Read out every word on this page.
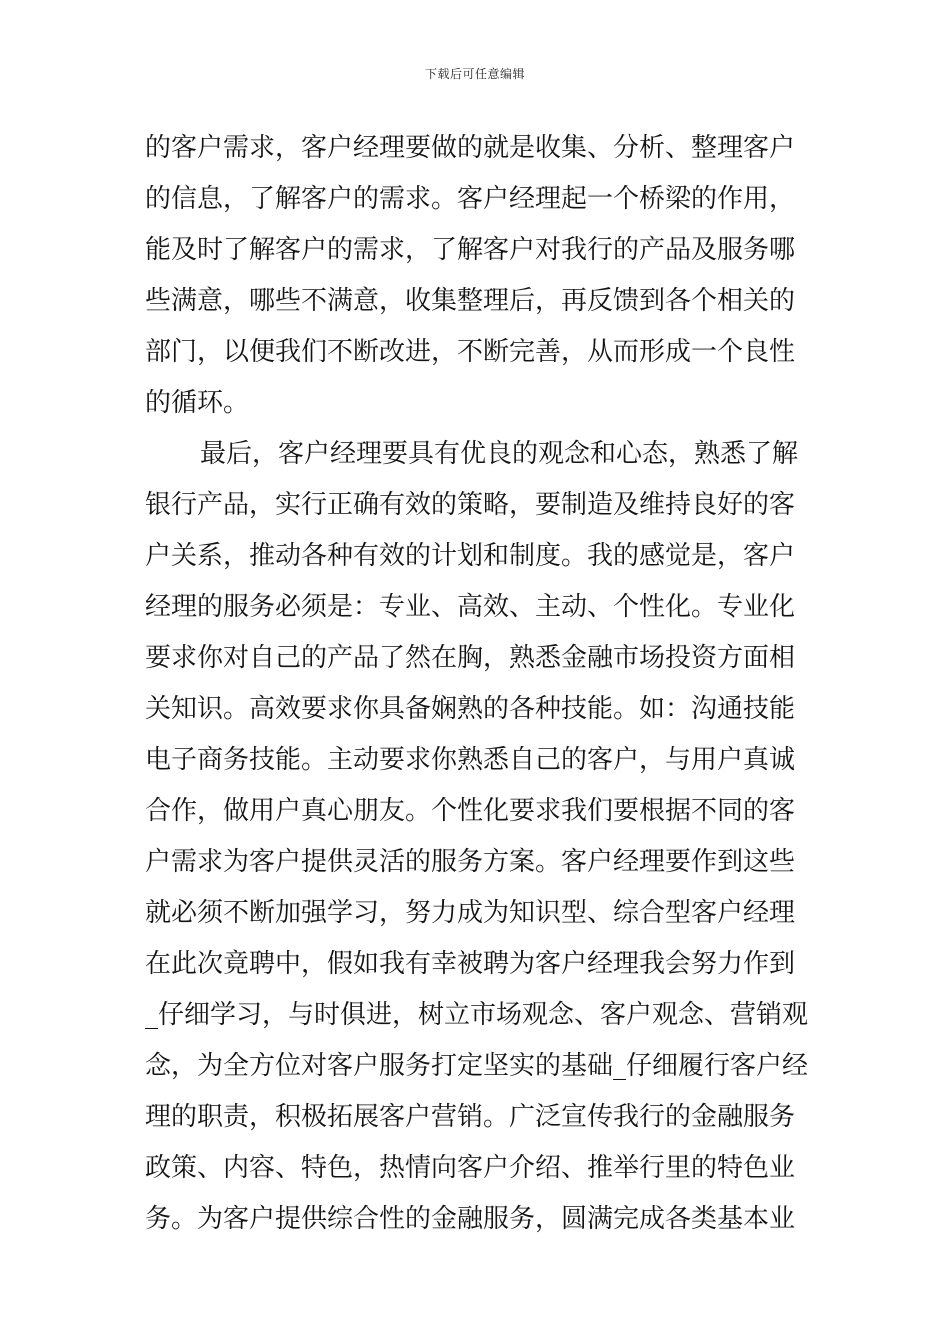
下载后可任意编辑
的客户需求，客户经理要做的就是收集、分析、整理客户
的信息，了解客户的需求。客户经理起一个桥梁的作用，
能及时了解客户的需求，了解客户对我行的产品及服务哪
些满意，哪些不满意，收集整理后，再反馈到各个相关的
部门，以便我们不断改进，不断完善，从而形成一个良性
的循环。
最后，客户经理要具有优良的观念和心态，熟悉了解
银行产品，实行正确有效的策略，要制造及维持良好的客
户关系，推动各种有效的计划和制度。我的感觉是，客户
经理的服务必须是：专业、高效、主动、个性化。专业化
要求你对自己的产品了然在胸，熟悉金融市场投资方面相
关知识。高效要求你具备娴熟的各种技能。如：沟通技能
电子商务技能。主动要求你熟悉自己的客户，与用户真诚
合作，做用户真心朋友。个性化要求我们要根据不同的客
户需求为客户提供灵活的服务方案。客户经理要作到这些
就必须不断加强学习，努力成为知识型、综合型客户经理
在此次竟聘中，假如我有幸被聘为客户经理我会努力作到
_仔细学习，与时俱进，树立市场观念、客户观念、营销观
念，为全方位对客户服务打定坚实的基础_仔细履行客户经
理的职责，积极拓展客户营销。广泛宣传我行的金融服务
政策、内容、特色，热情向客户介绍、推举行里的特色业
务。为客户提供综合性的金融服务，圆满完成各类基本业
